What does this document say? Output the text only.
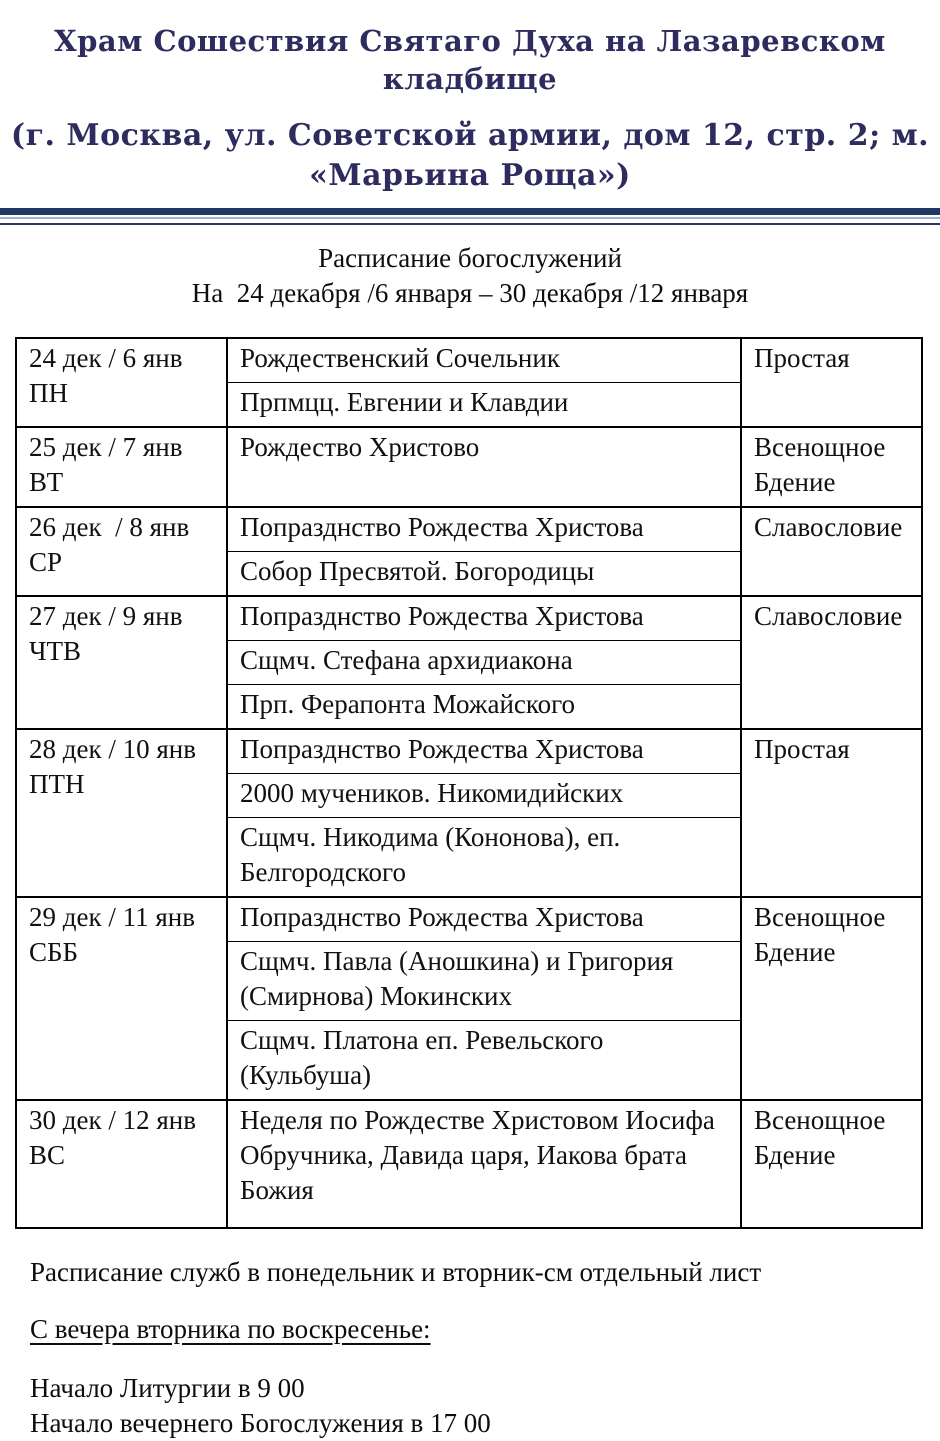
Храм Сошествия Святаго Духа на Лазаревском кладбище
(г. Москва, ул. Советской армии, дом 12, стр. 2; м. «Марьина Роща»)
Расписание богослужений
На  24 декабря /6 января – 30 декабря /12 января
24 дек / 6 янв
ПН
Рождественский Сочельник
Прпмцц. Евгении и Клавдии
Простая
25 дек / 7 янв
ВТ
Рождество Христово	Всенощное Бдение
26 дек  / 8 янв
СР
Попразднство Рождества Христова
Собор Пресвятой. Богородицы
Славословие
27 дек / 9 янв
ЧТВ
Попразднство Рождества Христова
Сщмч. Стефана архидиакона
Прп. Ферапонта Можайского
Славословие
28 дек / 10 янв
ПТН
Попразднство Рождества Христова
2000 мучеников. Никомидийских
Сщмч. Никодима (Кононова), еп. Белгородского
Простая
29 дек / 11 янв
СББ
Попразднство Рождества Христова
Сщмч. Павла (Аношкина) и Григория (Смирнова) Мокинских
Сщмч. Платона еп. Ревельского (Кульбуша)
Всенощное Бдение
30 дек / 12 янв
ВС
Неделя по Рождестве Христовом Иосифа Обручника, Давида царя, Иакова брата Божия
Всенощное Бдение
Расписание служб в понедельник и вторник-см отдельный лист
С вечера вторника по воскресенье:

Начало Литургии в 9 00

Начало вечернего Богослужения в 17 00
